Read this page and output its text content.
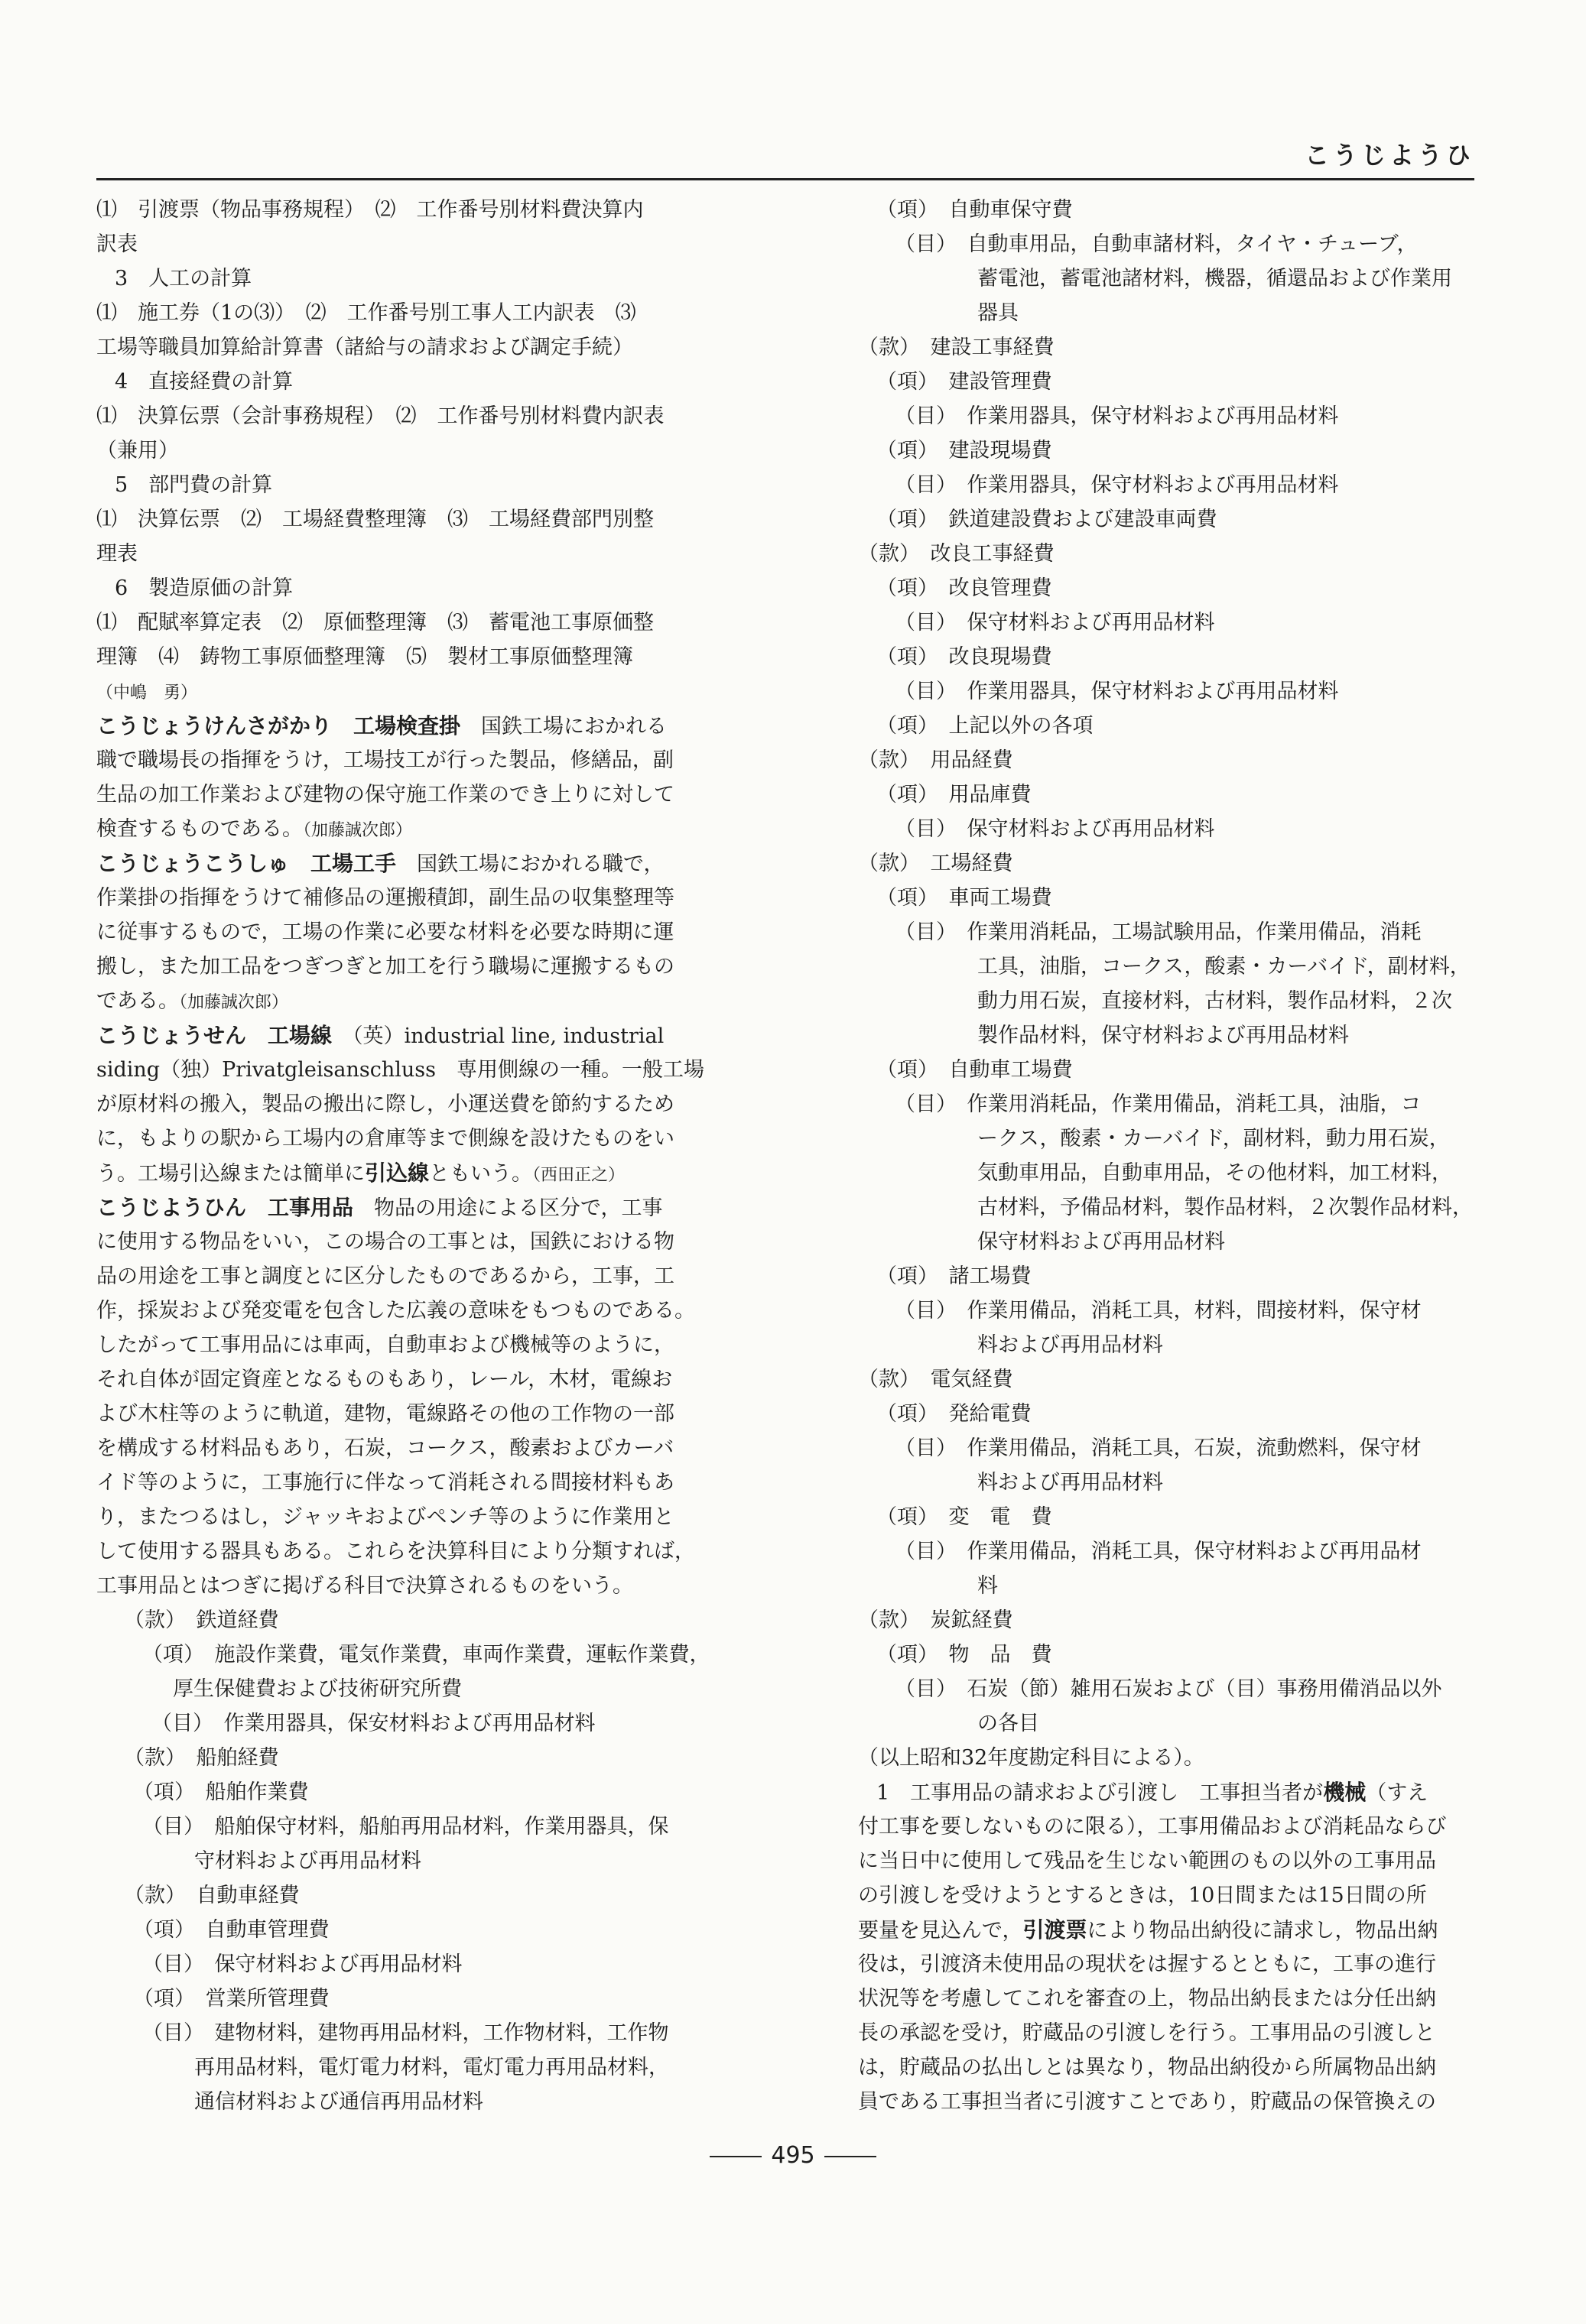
こうじようひ
⑴　引渡票（物品事務規程）　⑵　工作番号別材料費決算内
訳表
3　人工の計算
⑴　施工券（1の⑶）　⑵　工作番号別工事人工内訳表　⑶
工場等職員加算給計算書（諸給与の請求および調定手続）
4　直接経費の計算
⑴　決算伝票（会計事務規程）　⑵　工作番号別材料費内訳表
（兼用）
5　部門費の計算
⑴　決算伝票　⑵　工場経費整理簿　⑶　工場経費部門別整
理表
6　製造原価の計算
⑴　配賦率算定表　⑵　原価整理簿　⑶　蓄電池工事原価整
理簿　⑷　鋳物工事原価整理簿　⑸　製材工事原価整理簿
（中嶋　勇）
こうじょうけんさがかり　工場検査掛　国鉄工場におかれる
職で職場長の指揮をうけ，工場技工が行った製品，修繕品，副
生品の加工作業および建物の保守施工作業のでき上りに対して
検査するものである。（加藤誠次郎）
こうじょうこうしゅ　工場工手　国鉄工場におかれる職で，
作業掛の指揮をうけて補修品の運搬積卸，副生品の収集整理等
に従事するもので，工場の作業に必要な材料を必要な時期に運
搬し，また加工品をつぎつぎと加工を行う職場に運搬するもの
である。（加藤誠次郎）
こうじょうせん　工場線　（英）industrial line, industrial
siding（独）Privatgleisanschluss　専用側線の一種。一般工場
が原材料の搬入，製品の搬出に際し，小運送費を節約するため
に，もよりの駅から工場内の倉庫等まで側線を設けたものをい
う。工場引込線または簡単に引込線ともいう。（西田正之）
こうじようひん　工事用品　物品の用途による区分で，工事
に使用する物品をいい，この場合の工事とは，国鉄における物
品の用途を工事と調度とに区分したものであるから，工事，工
作，採炭および発変電を包含した広義の意味をもつものである。
したがって工事用品には車両，自動車および機械等のように，
それ自体が固定資産となるものもあり，レール，木材，電線お
よび木柱等のように軌道，建物，電線路その他の工作物の一部
を構成する材料品もあり，石炭，コークス，酸素およびカーバ
イド等のように，工事施行に伴なって消耗される間接材料もあ
り，またつるはし，ジャッキおよびペンチ等のように作業用と
して使用する器具もある。これらを決算科目により分類すれば，
工事用品とはつぎに掲げる科目で決算されるものをいう。
（款）　鉄道経費
（項）　施設作業費，電気作業費，車両作業費，運転作業費，
厚生保健費および技術研究所費
（目）　作業用器具，保安材料および再用品材料
（款）　船舶経費
（項）　船舶作業費
（目）　船舶保守材料，船舶再用品材料，作業用器具，保
守材料および再用品材料
（款）　自動車経費
（項）　自動車管理費
（目）　保守材料および再用品材料
（項）　営業所管理費
（目）　建物材料，建物再用品材料，工作物材料，工作物
再用品材料，電灯電力材料，電灯電力再用品材料，
通信材料および通信再用品材料
（項）　自動車保守費
（目）　自動車用品，自動車諸材料，タイヤ・チューブ，
蓄電池，蓄電池諸材料，機器，循還品および作業用
器具
（款）　建設工事経費
（項）　建設管理費
（目）　作業用器具，保守材料および再用品材料
（項）　建設現場費
（目）　作業用器具，保守材料および再用品材料
（項）　鉄道建設費および建設車両費
（款）　改良工事経費
（項）　改良管理費
（目）　保守材料および再用品材料
（項）　改良現場費
（目）　作業用器具，保守材料および再用品材料
（項）　上記以外の各項
（款）　用品経費
（項）　用品庫費
（目）　保守材料および再用品材料
（款）　工場経費
（項）　車両工場費
（目）　作業用消耗品，工場試験用品，作業用備品，消耗
工具，油脂，コークス，酸素・カーバイド，副材料，
動力用石炭，直接材料，古材料，製作品材料，２次
製作品材料，保守材料および再用品材料
（項）　自動車工場費
（目）　作業用消耗品，作業用備品，消耗工具，油脂，コ
ークス，酸素・カーバイド，副材料，動力用石炭，
気動車用品，自動車用品，その他材料，加工材料，
古材料，予備品材料，製作品材料，２次製作品材料，
保守材料および再用品材料
（項）　諸工場費
（目）　作業用備品，消耗工具，材料，間接材料，保守材
料および再用品材料
（款）　電気経費
（項）　発給電費
（目）　作業用備品，消耗工具，石炭，流動燃料，保守材
料および再用品材料
（項）　変　電　費
（目）　作業用備品，消耗工具，保守材料および再用品材
料
（款）　炭鉱経費
（項）　物　品　費
（目）　石炭（節）雑用石炭および（目）事務用備消品以外
の各目
（以上昭和32年度勘定科目による）。
1　工事用品の請求および引渡し　工事担当者が機械（すえ
付工事を要しないものに限る），工事用備品および消耗品ならび
に当日中に使用して残品を生じない範囲のもの以外の工事用品
の引渡しを受けようとするときは，10日間または15日間の所
要量を見込んで，引渡票により物品出納役に請求し，物品出納
役は，引渡済未使用品の現状をは握するとともに，工事の進行
状況等を考慮してこれを審査の上，物品出納長または分任出納
長の承認を受け，貯蔵品の引渡しを行う。工事用品の引渡しと
は，貯蔵品の払出しとは異なり，物品出納役から所属物品出納
員である工事担当者に引渡すことであり，貯蔵品の保管換えの
495
